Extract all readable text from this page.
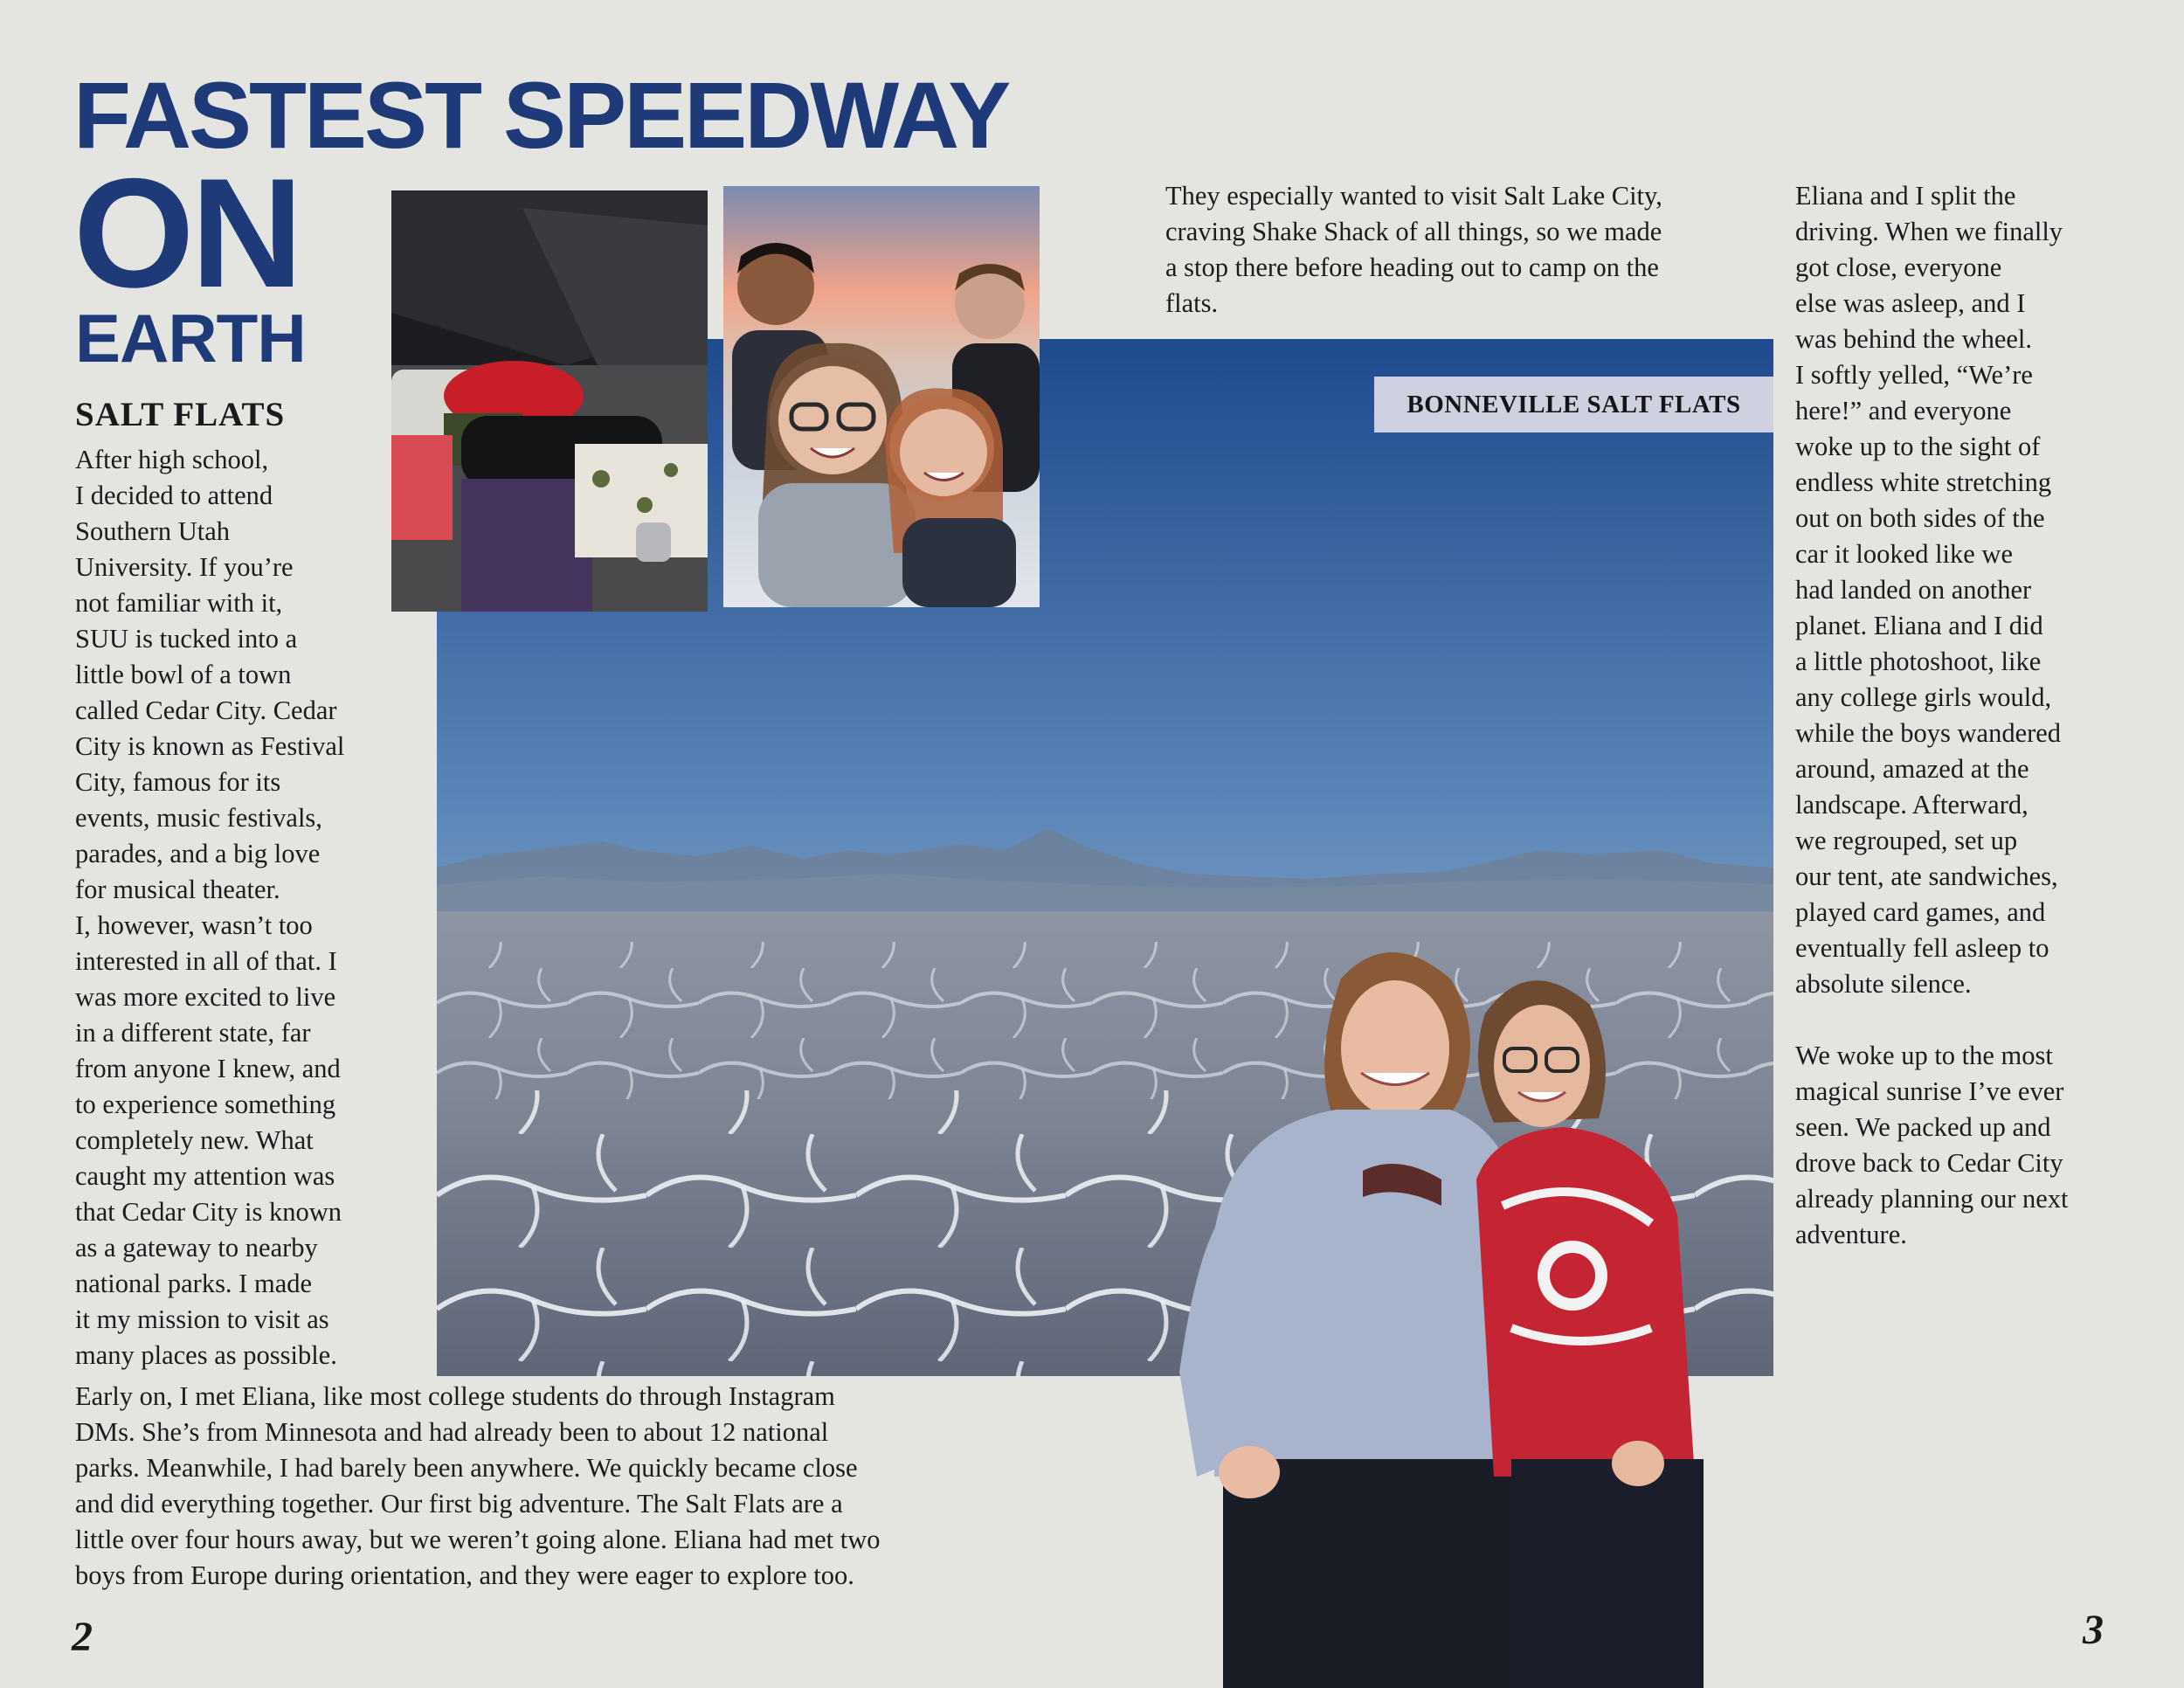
FASTEST SPEEDWAY
ON
EARTH
SALT FLATS	BONNEVILLE SALT FLATS

After high school,

I decided to attend

Southern Utah

University. If you’re

not familiar with it,

SUU is tucked into a

little bowl of a town

called Cedar City. Cedar

City is known as Festival

City, famous for its

events, music festivals,

parades, and a big love

for musical theater.

I, however, wasn’t too

interested in all of that. I

was more excited to live

in a different state, far

from anyone I knew, and

to experience something

completely new. What

caught my attention was

that Cedar City is known

as a gateway to nearby

national parks. I made

it my mission to visit as

many places as possible.

Early on, I met Eliana, like most college students do through Instagram
DMs. She’s from Minnesota and had already been to about 12 national
parks. Meanwhile, I had barely been anywhere. We quickly became close
and did everything together. Our first big adventure. The Salt Flats are a
little over four hours away, but we weren’t going alone. Eliana had met two
boys from Europe during orientation, and they were eager to explore too.
They especially wanted to visit Salt Lake City,
craving Shake Shack of all things, so we made
a stop there before heading out to camp on the
flats.

Eliana and I split the

driving. When we finally

got close, everyone

else was asleep, and I

was behind the wheel.

I softly yelled, “We’re

here!” and everyone

woke up to the sight of

endless white stretching

out on both sides of the

car it looked like we

had landed on another

planet. Eliana and I did

a little photoshoot, like

any college girls would,

while the boys wandered

around, amazed at the

landscape. Afterward,

we regrouped, set up

our tent, ate sandwiches,

played card games, and

eventually fell asleep to

absolute silence.

We woke up to the most

magical sunrise I’ve ever

seen. We packed up and

drove back to Cedar City

already planning our next

adventure.

2	3
